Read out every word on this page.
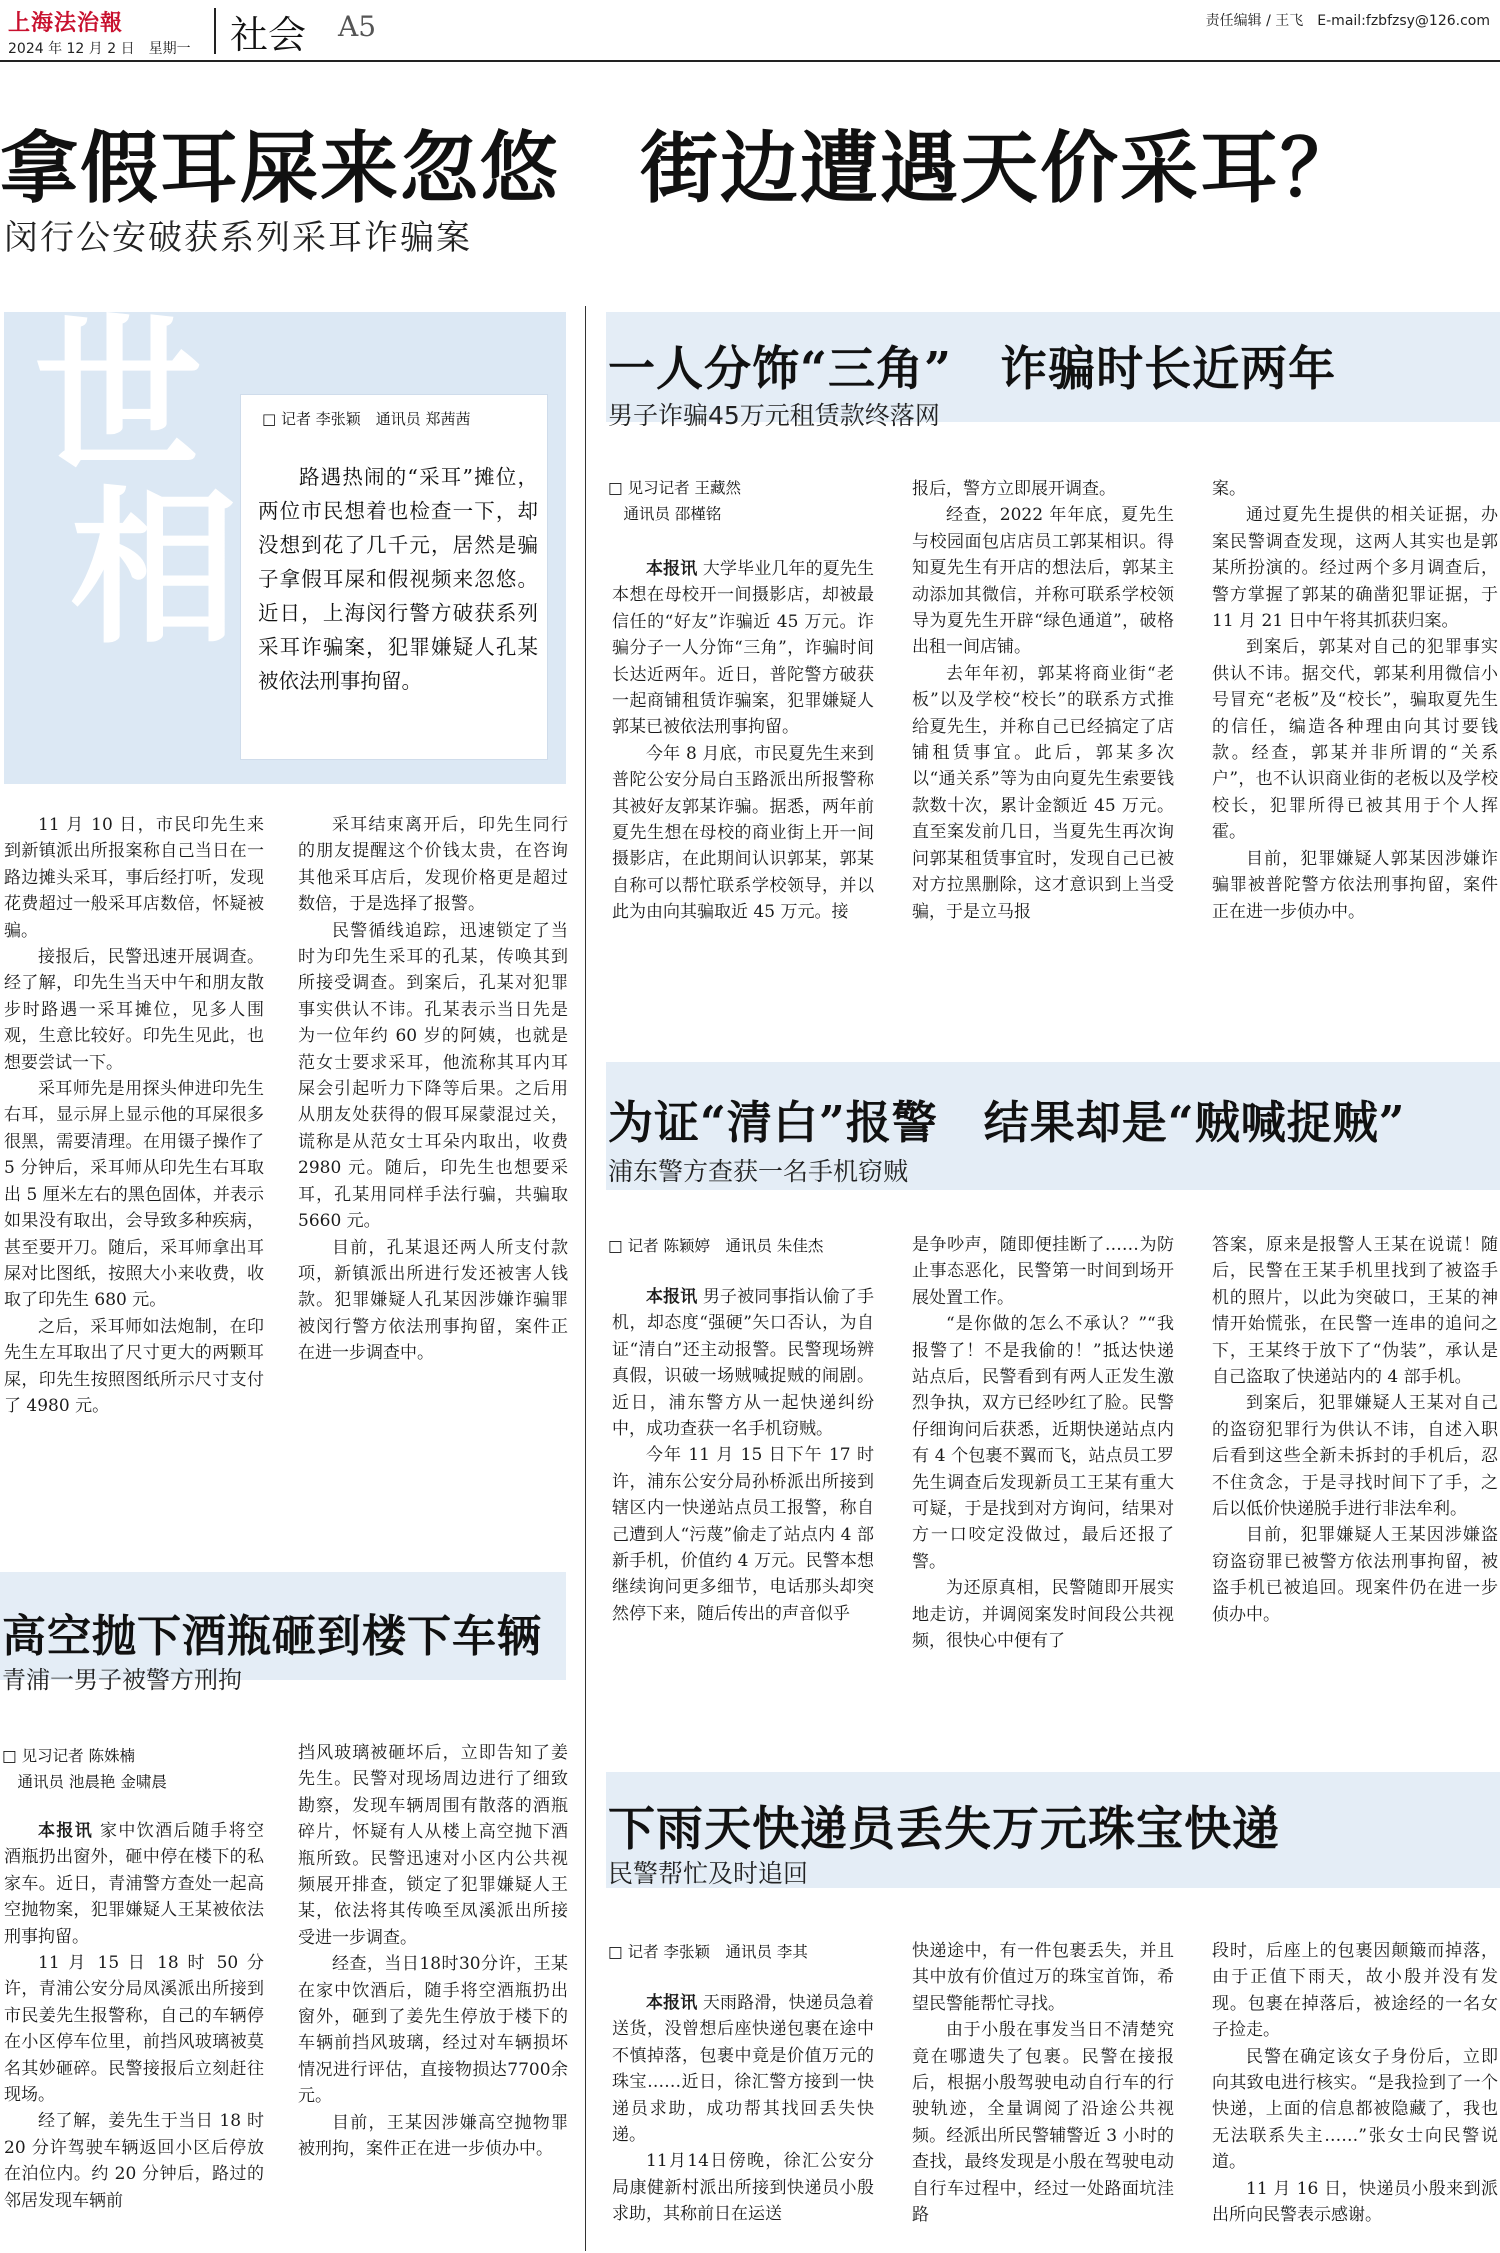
上海法治報
2024 年 12 月 2 日　星期一 社会 A5	责任编辑 / 王飞　E-mail:fzbfzsy@126.com
拿假耳屎来忽悠　街边遭遇天价采耳？
闵行公安破获系列采耳诈骗案
世
相
□ 记者 李张颖　通讯员 郑茜茜
路遇热闹的“采耳”摊位，两位市民想着也检查一下，却没想到花了几千元，居然是骗子拿假耳屎和假视频来忽悠。近日，上海闵行警方破获系列采耳诈骗案，犯罪嫌疑人孔某被依法刑事拘留。

11 月 10 日，市民印先生来到新镇派出所报案称自己当日在一路边摊头采耳，事后经打听，发现花费超过一般采耳店数倍，怀疑被骗。

接报后，民警迅速开展调查。经了解，印先生当天中午和朋友散步时路遇一采耳摊位，见多人围观，生意比较好。印先生见此，也想要尝试一下。

采耳师先是用探头伸进印先生右耳，显示屏上显示他的耳屎很多很黑，需要清理。在用镊子操作了 5 分钟后，采耳师从印先生右耳取出 5 厘米左右的黑色固体，并表示如果没有取出，会导致多种疾病，甚至要开刀。随后，采耳师拿出耳屎对比图纸，按照大小来收费，收取了印先生 680 元。

之后，采耳师如法炮制，在印先生左耳取出了尺寸更大的两颗耳屎，印先生按照图纸所示尺寸支付了 4980 元。

采耳结束离开后，印先生同行的朋友提醒这个价钱太贵，在咨询其他采耳店后，发现价格更是超过数倍，于是选择了报警。

民警循线追踪，迅速锁定了当时为印先生采耳的孔某，传唤其到所接受调查。到案后，孔某对犯罪事实供认不讳。孔某表示当日先是为一位年约 60 岁的阿姨，也就是范女士要求采耳，他流称其耳内耳屎会引起听力下降等后果。之后用从朋友处获得的假耳屎蒙混过关，谎称是从范女士耳朵内取出，收费 2980 元。随后，印先生也想要采耳，孔某用同样手法行骗，共骗取 5660 元。

目前，孔某退还两人所支付款项，新镇派出所进行发还被害人钱款。犯罪嫌疑人孔某因涉嫌诈骗罪被闵行警方依法刑事拘留，案件正在进一步调查中。

高空抛下酒瓶砸到楼下车辆
青浦一男子被警方刑拘
□ 见习记者 陈姝楠
　通讯员 池晨艳 金啸晨

本报讯 家中饮酒后随手将空酒瓶扔出窗外，砸中停在楼下的私家车。近日，青浦警方查处一起高空抛物案，犯罪嫌疑人王某被依法刑事拘留。

11 月 15 日 18 时 50 分许，青浦公安分局凤溪派出所接到市民姜先生报警称，自己的车辆停在小区停车位里，前挡风玻璃被莫名其妙砸碎。民警接报后立刻赶往现场。

经了解，姜先生于当日 18 时 20 分许驾驶车辆返回小区后停放在泊位内。约 20 分钟后，路过的邻居发现车辆前

挡风玻璃被砸坏后，立即告知了姜先生。民警对现场周边进行了细致勘察，发现车辆周围有散落的酒瓶碎片，怀疑有人从楼上高空抛下酒瓶所致。民警迅速对小区内公共视频展开排查，锁定了犯罪嫌疑人王某，依法将其传唤至凤溪派出所接受进一步调查。

经查，当日18时30分许，王某在家中饮酒后，随手将空酒瓶扔出窗外，砸到了姜先生停放于楼下的车辆前挡风玻璃，经过对车辆损坏情况进行评估，直接物损达7700余元。

目前，王某因涉嫌高空抛物罪被刑拘，案件正在进一步侦办中。

一人分饰“三角”　诈骗时长近两年
男子诈骗45万元租赁款终落网
□ 见习记者 王藏然
　通讯员 邵槿铭

本报讯 大学毕业几年的夏先生本想在母校开一间摄影店，却被最信任的“好友”诈骗近 45 万元。诈骗分子一人分饰“三角”，诈骗时间长达近两年。近日，普陀警方破获一起商铺租赁诈骗案，犯罪嫌疑人郭某已被依法刑事拘留。

今年 8 月底，市民夏先生来到普陀公安分局白玉路派出所报警称其被好友郭某诈骗。据悉，两年前夏先生想在母校的商业街上开一间摄影店，在此期间认识郭某，郭某自称可以帮忙联系学校领导，并以此为由向其骗取近 45 万元。接

报后，警方立即展开调查。

经查，2022 年年底，夏先生与校园面包店店员工郭某相识。得知夏先生有开店的想法后，郭某主动添加其微信，并称可联系学校领导为夏先生开辟“绿色通道”，破格出租一间店铺。

去年年初，郭某将商业街“老板”以及学校“校长”的联系方式推给夏先生，并称自己已经搞定了店铺租赁事宜。此后，郭某多次以“通关系”等为由向夏先生索要钱款数十次，累计金额近 45 万元。直至案发前几日，当夏先生再次询问郭某租赁事宜时，发现自己已被对方拉黑删除，这才意识到上当受骗，于是立马报

案。

通过夏先生提供的相关证据，办案民警调查发现，这两人其实也是郭某所扮演的。经过两个多月调查后，警方掌握了郭某的确凿犯罪证据，于 11 月 21 日中午将其抓获归案。

到案后，郭某对自己的犯罪事实供认不讳。据交代，郭某利用微信小号冒充“老板”及“校长”，骗取夏先生的信任，编造各种理由向其讨要钱款。经查，郭某并非所谓的“关系户”，也不认识商业街的老板以及学校校长，犯罪所得已被其用于个人挥霍。

目前，犯罪嫌疑人郭某因涉嫌诈骗罪被普陀警方依法刑事拘留，案件正在进一步侦办中。

为证“清白”报警　结果却是“贼喊捉贼”
浦东警方查获一名手机窃贼
□ 记者 陈颖婷　通讯员 朱佳杰

本报讯 男子被同事指认偷了手机，却态度“强硬”矢口否认，为自证“清白”还主动报警。民警现场辨真假，识破一场贼喊捉贼的闹剧。近日，浦东警方从一起快递纠纷中，成功查获一名手机窃贼。

今年 11 月 15 日下午 17 时许，浦东公安分局孙桥派出所接到辖区内一快递站点员工报警，称自己遭到人“污蔑”偷走了站点内 4 部新手机，价值约 4 万元。民警本想继续询问更多细节，电话那头却突然停下来，随后传出的声音似乎

是争吵声，随即便挂断了……为防止事态恶化，民警第一时间到场开展处置工作。

“是你做的怎么不承认？”“我报警了！不是我偷的！”抵达快递站点后，民警看到有两人正发生激烈争执，双方已经吵红了脸。民警仔细询问后获悉，近期快递站点内有 4 个包裹不翼而飞，站点员工罗先生调查后发现新员工王某有重大可疑，于是找到对方询问，结果对方一口咬定没做过，最后还报了警。

为还原真相，民警随即开展实地走访，并调阅案发时间段公共视频，很快心中便有了

答案，原来是报警人王某在说谎！随后，民警在王某手机里找到了被盗手机的照片，以此为突破口，王某的神情开始慌张，在民警一连串的追问之下，王某终于放下了“伪装”，承认是自己盗取了快递站内的 4 部手机。

到案后，犯罪嫌疑人王某对自己的盗窃犯罪行为供认不讳，自述入职后看到这些全新未拆封的手机后，忍不住贪念，于是寻找时间下了手，之后以低价快递脱手进行非法牟利。

目前，犯罪嫌疑人王某因涉嫌盗窃盗窃罪已被警方依法刑事拘留，被盗手机已被追回。现案件仍在进一步侦办中。

下雨天快递员丢失万元珠宝快递
民警帮忙及时追回
□ 记者 李张颖　通讯员 李其

本报讯 天雨路滑，快递员急着送货，没曾想后座快递包裹在途中不慎掉落，包裹中竟是价值万元的珠宝……近日，徐汇警方接到一快递员求助，成功帮其找回丢失快递。

11月14日傍晚，徐汇公安分局康健新村派出所接到快递员小殷求助，其称前日在运送

快递途中，有一件包裹丢失，并且其中放有价值过万的珠宝首饰，希望民警能帮忙寻找。

由于小殷在事发当日不清楚究竟在哪遗失了包裹。民警在接报后，根据小殷驾驶电动自行车的行驶轨迹，全量调阅了沿途公共视频。经派出所民警辅警近 3 小时的查找，最终发现是小殷在驾驶电动自行车过程中，经过一处路面坑洼路

段时，后座上的包裹因颠簸而掉落，由于正值下雨天，故小殷并没有发现。包裹在掉落后，被途经的一名女子捡走。

民警在确定该女子身份后，立即向其致电进行核实。“是我捡到了一个快递，上面的信息都被隐藏了，我也无法联系失主……”张女士向民警说道。

11 月 16 日，快递员小殷来到派出所向民警表示感谢。
